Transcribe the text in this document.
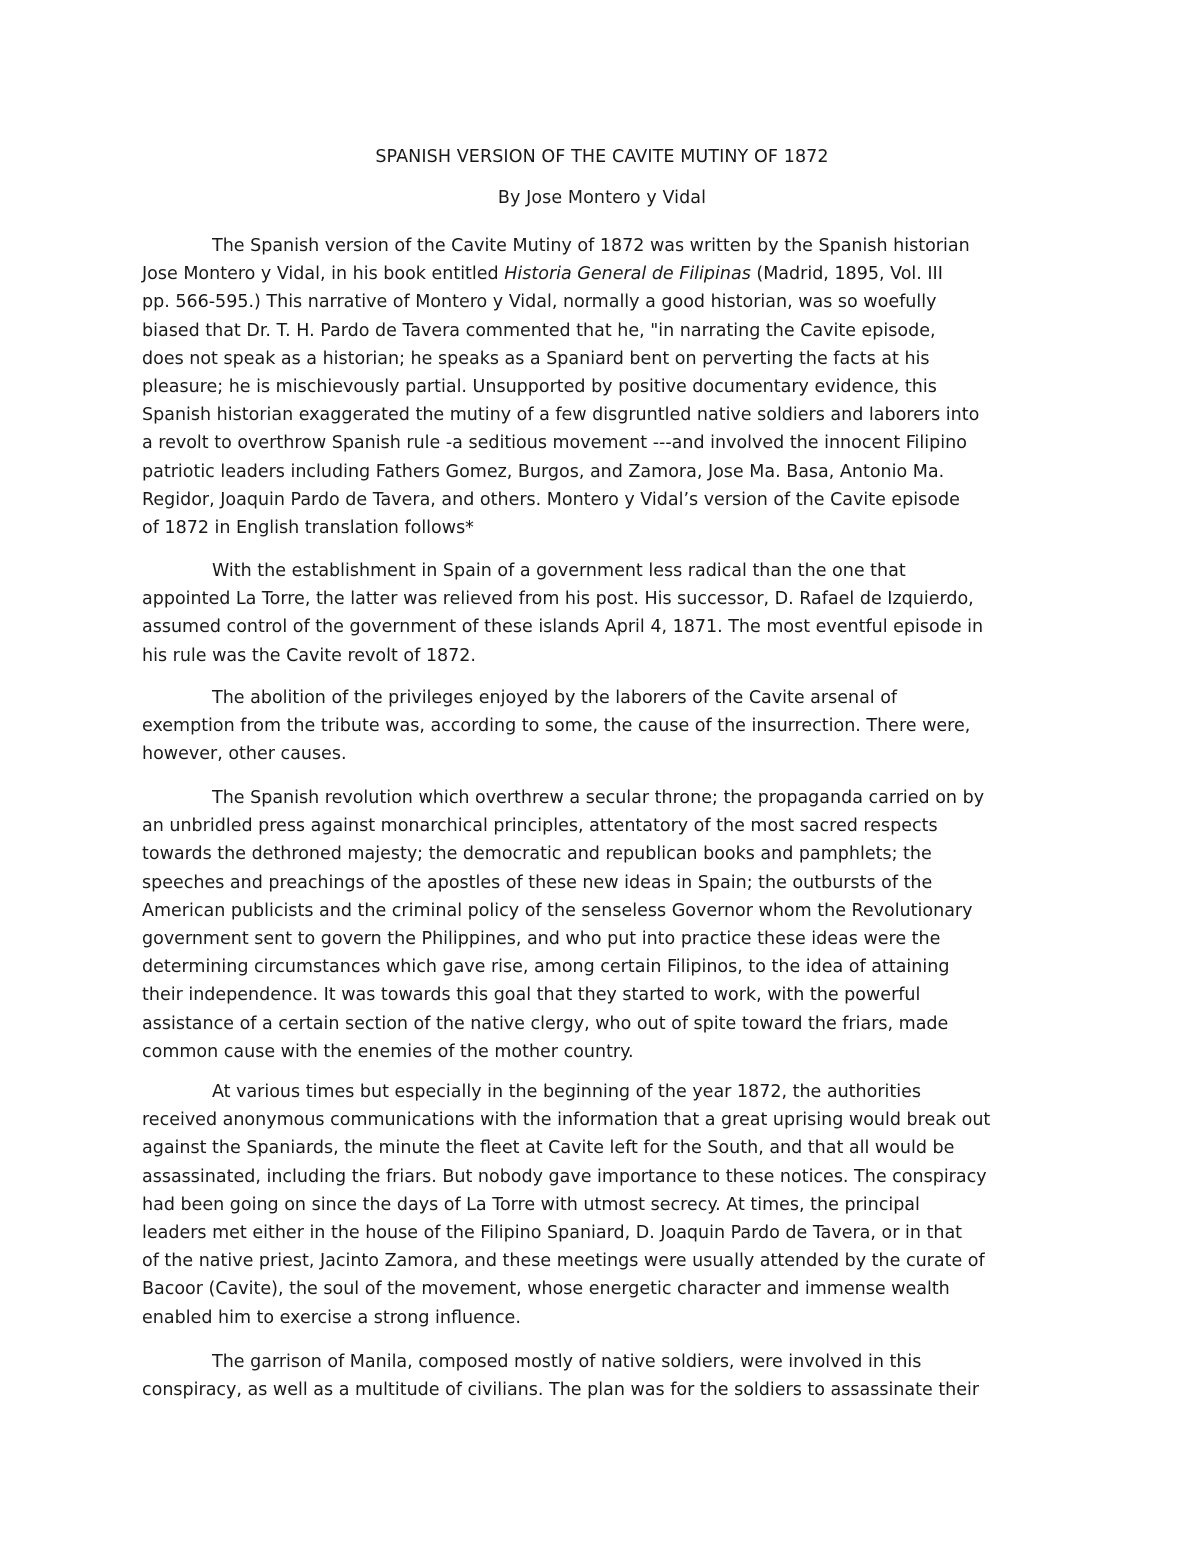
SPANISH VERSION OF THE CAVITE MUTINY OF 1872
By Jose Montero y Vidal

The Spanish version of the Cavite Mutiny of 1872 was written by the Spanish historian
Jose Montero y Vidal, in his book entitled Historia General de Filipinas (Madrid, 1895, Vol. III
pp. 566-595.) This narrative of Montero y Vidal, normally a good historian, was so woefully
biased that Dr. T. H. Pardo de Tavera commented that he, "in narrating the Cavite episode,
does not speak as a historian; he speaks as a Spaniard bent on perverting the facts at his
pleasure; he is mischievously partial. Unsupported by positive documentary evidence, this
Spanish historian exaggerated the mutiny of a few disgruntled native soldiers and laborers into
a revolt to overthrow Spanish rule -a seditious movement ---and involved the innocent Filipino
patriotic leaders including Fathers Gomez, Burgos, and Zamora, Jose Ma. Basa, Antonio Ma.
Regidor, Joaquin Pardo de Tavera, and others. Montero y Vidal’s version of the Cavite episode
of 1872 in English translation follows*

With the establishment in Spain of a government less radical than the one that
appointed La Torre, the latter was relieved from his post. His successor, D. Rafael de Izquierdo,
assumed control of the government of these islands April 4, 1871. The most eventful episode in
his rule was the Cavite revolt of 1872.

The abolition of the privileges enjoyed by the laborers of the Cavite arsenal of
exemption from the tribute was, according to some, the cause of the insurrection. There were,
however, other causes.

The Spanish revolution which overthrew a secular throne; the propaganda carried on by
an unbridled press against monarchical principles, attentatory of the most sacred respects
towards the dethroned majesty; the democratic and republican books and pamphlets; the
speeches and preachings of the apostles of these new ideas in Spain; the outbursts of the
American publicists and the criminal policy of the senseless Governor whom the Revolutionary
government sent to govern the Philippines, and who put into practice these ideas were the
determining circumstances which gave rise, among certain Filipinos, to the idea of attaining
their independence. It was towards this goal that they started to work, with the powerful
assistance of a certain section of the native clergy, who out of spite toward the friars, made
common cause with the enemies of the mother country.

At various times but especially in the beginning of the year 1872, the authorities
received anonymous communications with the information that a great uprising would break out
against the Spaniards, the minute the fleet at Cavite left for the South, and that all would be
assassinated, including the friars. But nobody gave importance to these notices. The conspiracy
had been going on since the days of La Torre with utmost secrecy. At times, the principal
leaders met either in the house of the Filipino Spaniard, D. Joaquin Pardo de Tavera, or in that
of the native priest, Jacinto Zamora, and these meetings were usually attended by the curate of
Bacoor (Cavite), the soul of the movement, whose energetic character and immense wealth
enabled him to exercise a strong influence.

The garrison of Manila, composed mostly of native soldiers, were involved in this
conspiracy, as well as a multitude of civilians. The plan was for the soldiers to assassinate their
